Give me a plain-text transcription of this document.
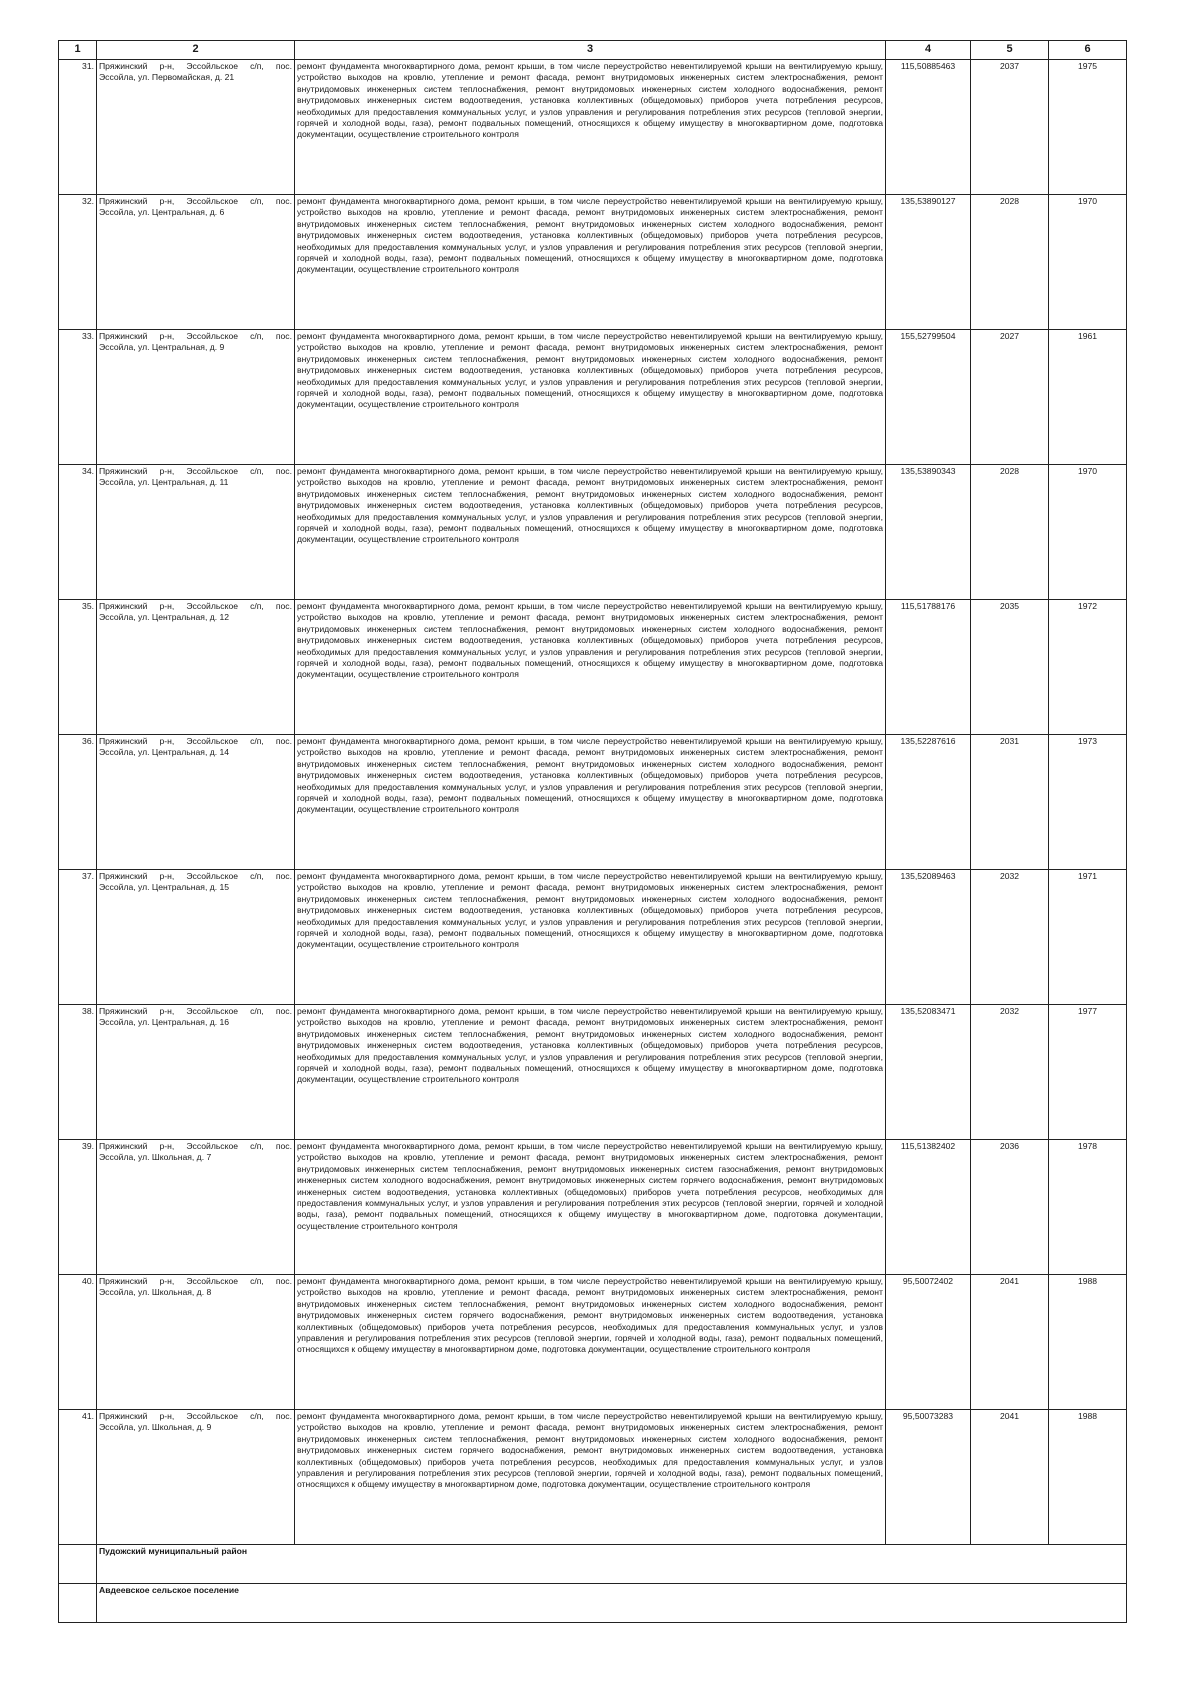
1	2	3	4	5	6
31.	Пряжинский р-н, Эссойльское с/п, пос. Эссойла, ул. Первомайская, д. 21	ремонт фундамента многоквартирного дома, ремонт крыши, в том числе переустройство невентилируемой крыши на вентилируемую крышу, устройство выходов на кровлю, утепление и ремонт фасада, ремонт внутридомовых инженерных систем электроснабжения, ремонт внутридомовых инженерных систем теплоснабжения, ремонт внутридомовых инженерных систем холодного водоснабжения, ремонт внутридомовых инженерных систем водоотведения, установка коллективных (общедомовых) приборов учета потребления ресурсов, необходимых для предоставления коммунальных услуг, и узлов управления и регулирования потребления этих ресурсов (тепловой энергии, горячей и холодной воды, газа), ремонт подвальных помещений, относящихся к общему имуществу в многоквартирном доме, подготовка документации, осуществление строительного контроля	115,50885463	2037	1975
32.	Пряжинский р-н, Эссойльское с/п, пос. Эссойла, ул. Центральная, д. 6	ремонт фундамента многоквартирного дома, ремонт крыши, в том числе переустройство невентилируемой крыши на вентилируемую крышу, устройство выходов на кровлю, утепление и ремонт фасада, ремонт внутридомовых инженерных систем электроснабжения, ремонт внутридомовых инженерных систем теплоснабжения, ремонт внутридомовых инженерных систем холодного водоснабжения, ремонт внутридомовых инженерных систем водоотведения, установка коллективных (общедомовых) приборов учета потребления ресурсов, необходимых для предоставления коммунальных услуг, и узлов управления и регулирования потребления этих ресурсов (тепловой энергии, горячей и холодной воды, газа), ремонт подвальных помещений, относящихся к общему имуществу в многоквартирном доме, подготовка документации, осуществление строительного контроля	135,53890127	2028	1970
33.	Пряжинский р-н, Эссойльское с/п, пос. Эссойла, ул. Центральная, д. 9	ремонт фундамента многоквартирного дома, ремонт крыши, в том числе переустройство невентилируемой крыши на вентилируемую крышу, устройство выходов на кровлю, утепление и ремонт фасада, ремонт внутридомовых инженерных систем электроснабжения, ремонт внутридомовых инженерных систем теплоснабжения, ремонт внутридомовых инженерных систем холодного водоснабжения, ремонт внутридомовых инженерных систем водоотведения, установка коллективных (общедомовых) приборов учета потребления ресурсов, необходимых для предоставления коммунальных услуг, и узлов управления и регулирования потребления этих ресурсов (тепловой энергии, горячей и холодной воды, газа), ремонт подвальных помещений, относящихся к общему имуществу в многоквартирном доме, подготовка документации, осуществление строительного контроля	155,52799504	2027	1961
34.	Пряжинский р-н, Эссойльское с/п, пос. Эссойла, ул. Центральная, д. 11	ремонт фундамента многоквартирного дома, ремонт крыши, в том числе переустройство невентилируемой крыши на вентилируемую крышу, устройство выходов на кровлю, утепление и ремонт фасада, ремонт внутридомовых инженерных систем электроснабжения, ремонт внутридомовых инженерных систем теплоснабжения, ремонт внутридомовых инженерных систем холодного водоснабжения, ремонт внутридомовых инженерных систем водоотведения, установка коллективных (общедомовых) приборов учета потребления ресурсов, необходимых для предоставления коммунальных услуг, и узлов управления и регулирования потребления этих ресурсов (тепловой энергии, горячей и холодной воды, газа), ремонт подвальных помещений, относящихся к общему имуществу в многоквартирном доме, подготовка документации, осуществление строительного контроля	135,53890343	2028	1970
35.	Пряжинский р-н, Эссойльское с/п, пос. Эссойла, ул. Центральная, д. 12	ремонт фундамента многоквартирного дома, ремонт крыши, в том числе переустройство невентилируемой крыши на вентилируемую крышу, устройство выходов на кровлю, утепление и ремонт фасада, ремонт внутридомовых инженерных систем электроснабжения, ремонт внутридомовых инженерных систем теплоснабжения, ремонт внутридомовых инженерных систем холодного водоснабжения, ремонт внутридомовых инженерных систем водоотведения, установка коллективных (общедомовых) приборов учета потребления ресурсов, необходимых для предоставления коммунальных услуг, и узлов управления и регулирования потребления этих ресурсов (тепловой энергии, горячей и холодной воды, газа), ремонт подвальных помещений, относящихся к общему имуществу в многоквартирном доме, подготовка документации, осуществление строительного контроля	115,51788176	2035	1972
36.	Пряжинский р-н, Эссойльское с/п, пос. Эссойла, ул. Центральная, д. 14	ремонт фундамента многоквартирного дома, ремонт крыши, в том числе переустройство невентилируемой крыши на вентилируемую крышу, устройство выходов на кровлю, утепление и ремонт фасада, ремонт внутридомовых инженерных систем электроснабжения, ремонт внутридомовых инженерных систем теплоснабжения, ремонт внутридомовых инженерных систем холодного водоснабжения, ремонт внутридомовых инженерных систем водоотведения, установка коллективных (общедомовых) приборов учета потребления ресурсов, необходимых для предоставления коммунальных услуг, и узлов управления и регулирования потребления этих ресурсов (тепловой энергии, горячей и холодной воды, газа), ремонт подвальных помещений, относящихся к общему имуществу в многоквартирном доме, подготовка документации, осуществление строительного контроля	135,52287616	2031	1973
37.	Пряжинский р-н, Эссойльское с/п, пос. Эссойла, ул. Центральная, д. 15	ремонт фундамента многоквартирного дома, ремонт крыши, в том числе переустройство невентилируемой крыши на вентилируемую крышу, устройство выходов на кровлю, утепление и ремонт фасада, ремонт внутридомовых инженерных систем электроснабжения, ремонт внутридомовых инженерных систем теплоснабжения, ремонт внутридомовых инженерных систем холодного водоснабжения, ремонт внутридомовых инженерных систем водоотведения, установка коллективных (общедомовых) приборов учета потребления ресурсов, необходимых для предоставления коммунальных услуг, и узлов управления и регулирования потребления этих ресурсов (тепловой энергии, горячей и холодной воды, газа), ремонт подвальных помещений, относящихся к общему имуществу в многоквартирном доме, подготовка документации, осуществление строительного контроля	135,52089463	2032	1971
38.	Пряжинский р-н, Эссойльское с/п, пос. Эссойла, ул. Центральная, д. 16	ремонт фундамента многоквартирного дома, ремонт крыши, в том числе переустройство невентилируемой крыши на вентилируемую крышу, устройство выходов на кровлю, утепление и ремонт фасада, ремонт внутридомовых инженерных систем электроснабжения, ремонт внутридомовых инженерных систем теплоснабжения, ремонт внутридомовых инженерных систем холодного водоснабжения, ремонт внутридомовых инженерных систем водоотведения, установка коллективных (общедомовых) приборов учета потребления ресурсов, необходимых для предоставления коммунальных услуг, и узлов управления и регулирования потребления этих ресурсов (тепловой энергии, горячей и холодной воды, газа), ремонт подвальных помещений, относящихся к общему имуществу в многоквартирном доме, подготовка документации, осуществление строительного контроля	135,52083471	2032	1977
39.	Пряжинский р-н, Эссойльское с/п, пос. Эссойла, ул. Школьная, д. 7	ремонт фундамента многоквартирного дома, ремонт крыши, в том числе переустройство невентилируемой крыши на вентилируемую крышу, устройство выходов на кровлю, утепление и ремонт фасада, ремонт внутридомовых инженерных систем электроснабжения, ремонт внутридомовых инженерных систем теплоснабжения, ремонт внутридомовых инженерных систем газоснабжения, ремонт внутридомовых инженерных систем холодного водоснабжения, ремонт внутридомовых инженерных систем горячего водоснабжения, ремонт внутридомовых инженерных систем водоотведения, установка коллективных (общедомовых) приборов учета потребления ресурсов, необходимых для предоставления коммунальных услуг, и узлов управления и регулирования потребления этих ресурсов (тепловой энергии, горячей и холодной воды, газа), ремонт подвальных помещений, относящихся к общему имуществу в многоквартирном доме, подготовка документации, осуществление строительного контроля	115,51382402	2036	1978
40.	Пряжинский р-н, Эссойльское с/п, пос. Эссойла, ул. Школьная, д. 8	ремонт фундамента многоквартирного дома, ремонт крыши, в том числе переустройство невентилируемой крыши на вентилируемую крышу, устройство выходов на кровлю, утепление и ремонт фасада, ремонт внутридомовых инженерных систем электроснабжения, ремонт внутридомовых инженерных систем теплоснабжения, ремонт внутридомовых инженерных систем холодного водоснабжения, ремонт внутридомовых инженерных систем горячего водоснабжения, ремонт внутридомовых инженерных систем водоотведения, установка коллективных (общедомовых) приборов учета потребления ресурсов, необходимых для предоставления коммунальных услуг, и узлов управления и регулирования потребления этих ресурсов (тепловой энергии, горячей и холодной воды, газа), ремонт подвальных помещений, относящихся к общему имуществу в многоквартирном доме, подготовка документации, осуществление строительного контроля	95,50072402	2041	1988
41.	Пряжинский р-н, Эссойльское с/п, пос. Эссойла, ул. Школьная, д. 9	ремонт фундамента многоквартирного дома, ремонт крыши, в том числе переустройство невентилируемой крыши на вентилируемую крышу, устройство выходов на кровлю, утепление и ремонт фасада, ремонт внутридомовых инженерных систем электроснабжения, ремонт внутридомовых инженерных систем теплоснабжения, ремонт внутридомовых инженерных систем холодного водоснабжения, ремонт внутридомовых инженерных систем горячего водоснабжения, ремонт внутридомовых инженерных систем водоотведения, установка коллективных (общедомовых) приборов учета потребления ресурсов, необходимых для предоставления коммунальных услуг, и узлов управления и регулирования потребления этих ресурсов (тепловой энергии, горячей и холодной воды, газа), ремонт подвальных помещений, относящихся к общему имуществу в многоквартирном доме, подготовка документации, осуществление строительного контроля	95,50073283	2041	1988
	Пудожский муниципальный район				
	Авдеевское сельское поселение				
